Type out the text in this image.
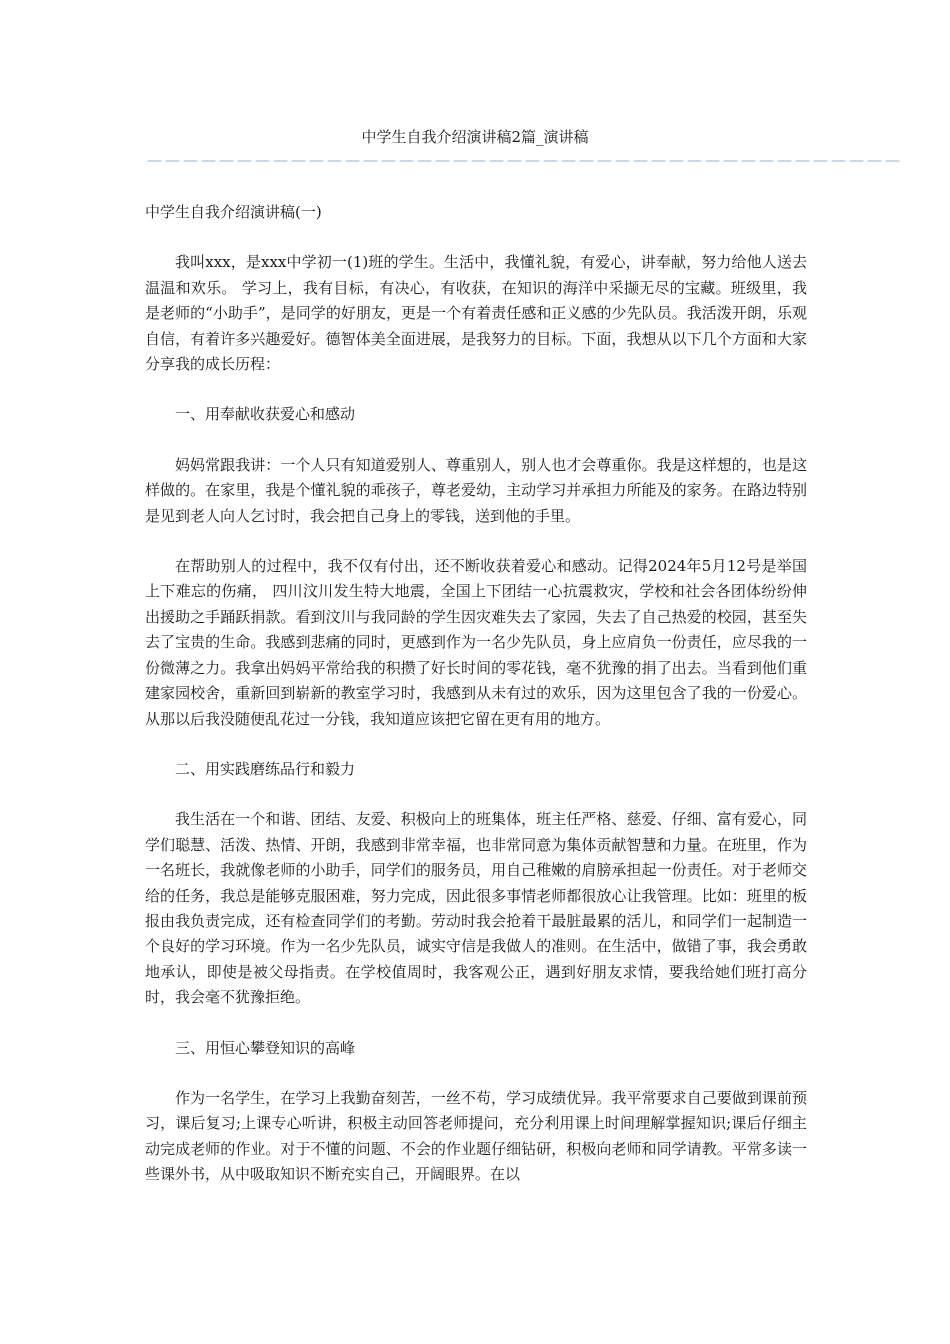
中学生自我介绍演讲稿2篇_演讲稿
——————————————————————————————————————————

中学生自我介绍演讲稿(一)

我叫xxx，是xxx中学初一(1)班的学生。生活中，我懂礼貌，有爱心，讲奉献，努力给他人送去温温和欢乐。 学习上，我有目标，有决心，有收获，在知识的海洋中采撷无尽的宝藏。班级里，我是老师的“小助手”，是同学的好朋友，更是一个有着责任感和正义感的少先队员。我活泼开朗，乐观自信，有着许多兴趣爱好。德智体美全面进展，是我努力的目标。下面，我想从以下几个方面和大家分享我的成长历程：

一、用奉献收获爱心和感动

妈妈常跟我讲：一个人只有知道爱别人、尊重别人，别人也才会尊重你。我是这样想的，也是这样做的。在家里，我是个懂礼貌的乖孩子，尊老爱幼，主动学习并承担力所能及的家务。在路边特别是见到老人向人乞讨时，我会把自己身上的零钱，送到他的手里。

在帮助别人的过程中，我不仅有付出，还不断收获着爱心和感动。记得2024年5月12号是举国上下难忘的伤痛， 四川汶川发生特大地震，全国上下团结一心抗震救灾，学校和社会各团体纷纷伸出援助之手踊跃捐款。看到汶川与我同龄的学生因灾难失去了家园，失去了自己热爱的校园，甚至失去了宝贵的生命。我感到悲痛的同时，更感到作为一名少先队员，身上应肩负一份责任，应尽我的一份微薄之力。我拿出妈妈平常给我的积攒了好长时间的零花钱，毫不犹豫的捐了出去。当看到他们重建家园校舍，重新回到崭新的教室学习时，我感到从未有过的欢乐，因为这里包含了我的一份爱心。从那以后我没随便乱花过一分钱，我知道应该把它留在更有用的地方。

二、用实践磨练品行和毅力

我生活在一个和谐、团结、友爱、积极向上的班集体，班主任严格、慈爱、仔细、富有爱心，同学们聪慧、活泼、热情、开朗，我感到非常幸福，也非常同意为集体贡献智慧和力量。在班里，作为一名班长，我就像老师的小助手，同学们的服务员，用自己稚嫩的肩膀承担起一份责任。对于老师交给的任务，我总是能够克服困难，努力完成，因此很多事情老师都很放心让我管理。比如：班里的板报由我负责完成，还有检查同学们的考勤。劳动时我会抢着干最脏最累的活儿，和同学们一起制造一个良好的学习环境。作为一名少先队员，诚实守信是我做人的准则。在生活中，做错了事，我会勇敢地承认，即使是被父母指责。在学校值周时，我客观公正，遇到好朋友求情，要我给她们班打高分时，我会毫不犹豫拒绝。

三、用恒心攀登知识的高峰

作为一名学生，在学习上我勤奋刻苦，一丝不苟，学习成绩优异。我平常要求自己要做到课前预习，课后复习;上课专心听讲，积极主动回答老师提问，充分利用课上时间理解掌握知识;课后仔细主动完成老师的作业。对于不懂的问题、不会的作业题仔细钻研，积极向老师和同学请教。平常多读一些课外书，从中吸取知识不断充实自己，开阔眼界。在以
